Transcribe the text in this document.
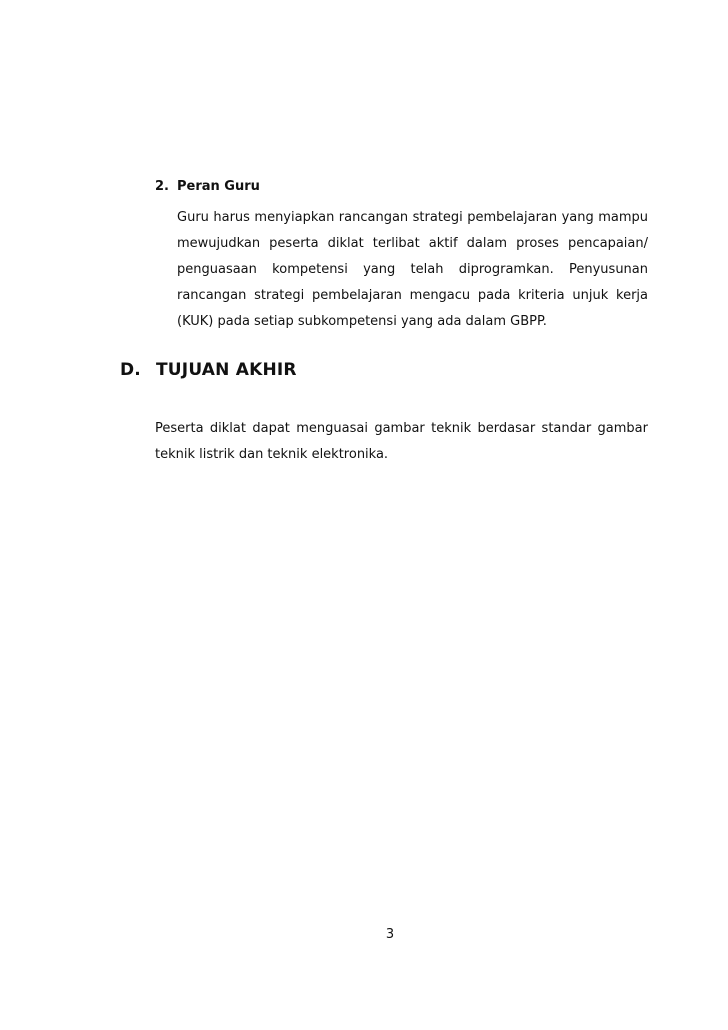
2. Peran Guru

Guru harus menyiapkan rancangan strategi pembelajaran yang mampu mewujudkan peserta diklat terlibat aktif dalam proses pencapaian/ penguasaan kompetensi yang telah diprogramkan. Penyusunan rancangan strategi pembelajaran mengacu pada kriteria unjuk kerja (KUK) pada setiap subkompetensi yang ada dalam GBPP.

D. TUJUAN AKHIR

Peserta diklat dapat menguasai gambar teknik berdasar standar gambar teknik listrik dan teknik elektronika.

3
